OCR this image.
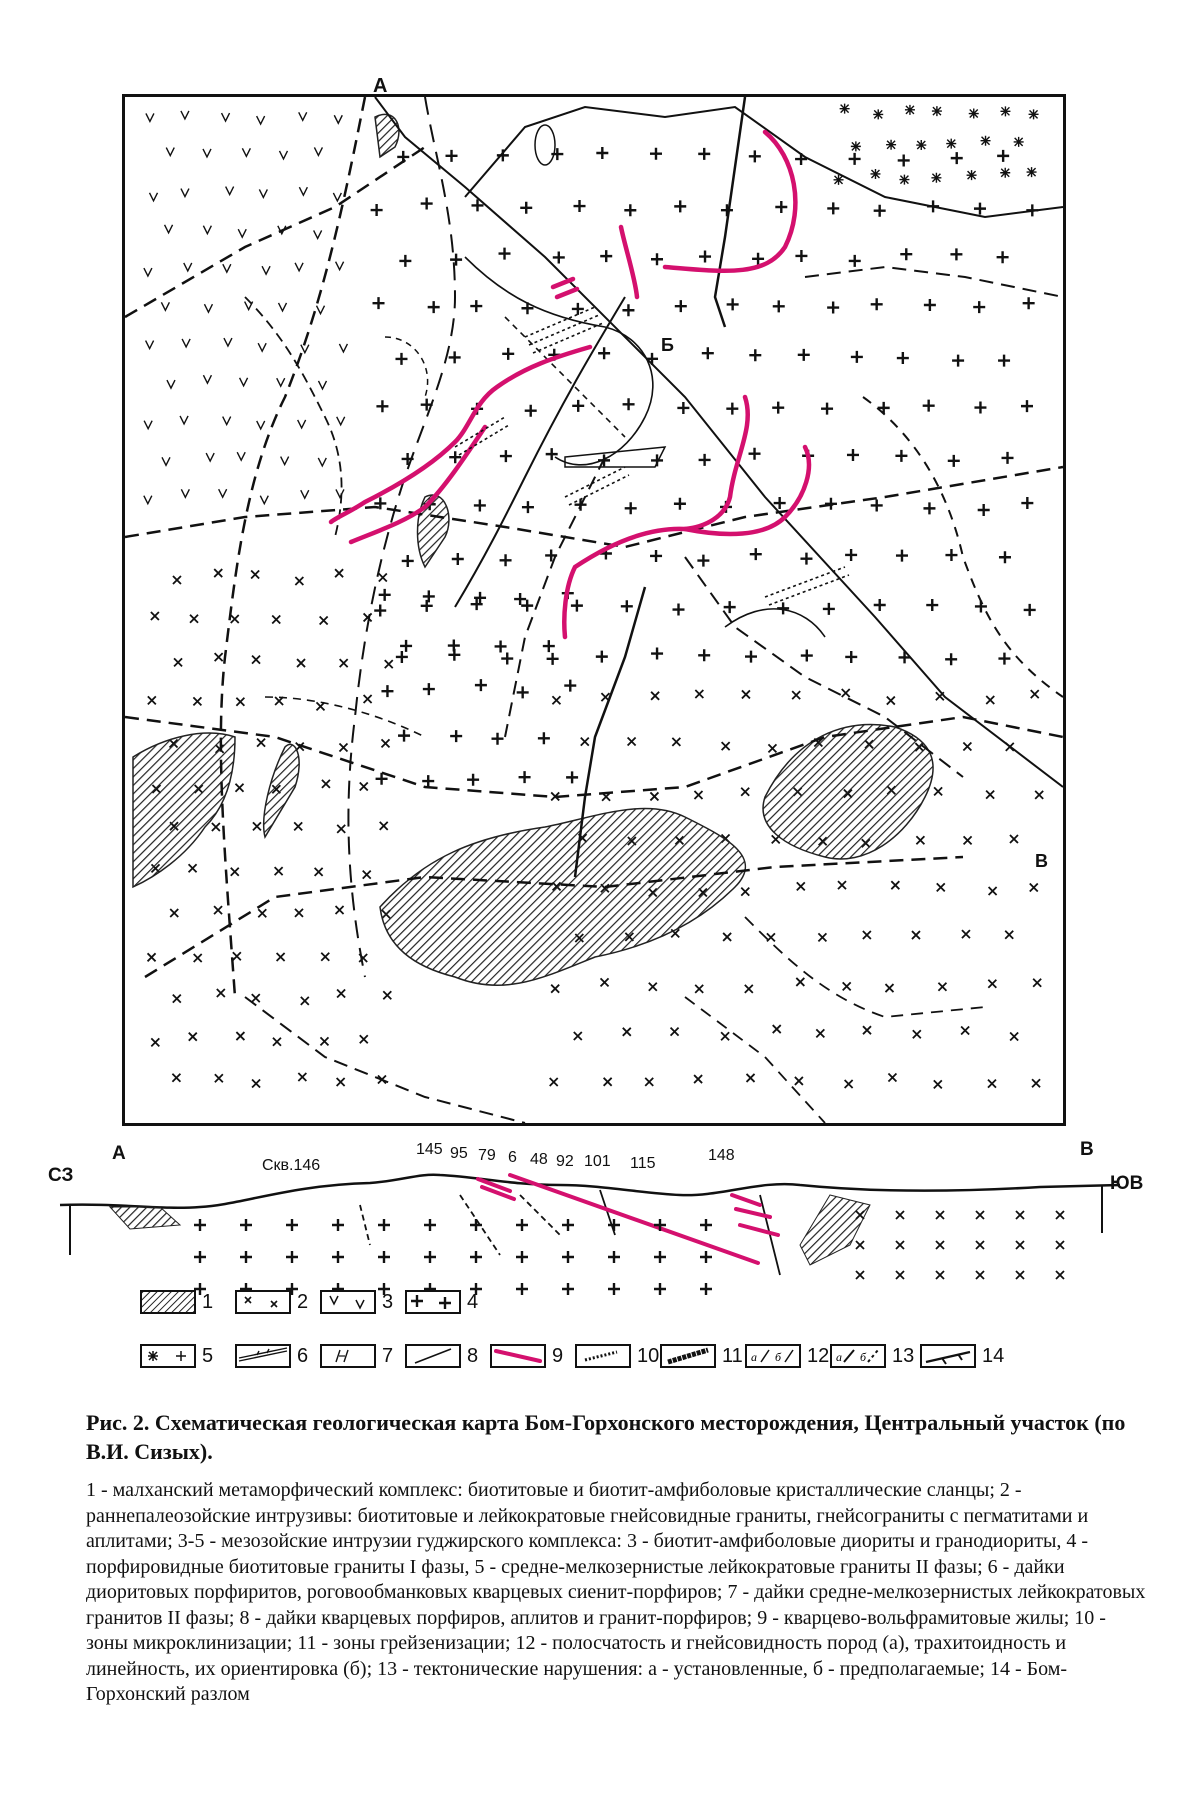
А
Б
В
А	В
СЗ	ЮВ
Скв.146
145 95 79 6 48 92 101 115	148
1	2	3	4
5	6	7	8	9	10	11 a б 12 a б 13	14

Рис. 2. Схематическая геологическая карта Бом-Горхонского месторождения, Центральный участок (по В.И. Сизых).

1 - малханский метаморфический комплекс: биотитовые и биотит-амфиболовые кристаллические сланцы; 2 - раннепалеозойские интрузивы: биотитовые и лейкократовые гнейсовидные граниты, гнейсограниты с пегматитами и аплитами; 3-5 - мезозойские интрузии гуджирского комплекса: 3 - биотит-амфиболовые диориты и гранодиориты, 4 - порфировидные биотитовые граниты I фазы, 5 - средне-мелкозернистые лейкократовые граниты II фазы; 6 - дайки диоритовых порфиритов, роговообманковых кварцевых сиенит-порфиров; 7 - дайки средне-мелкозернистых лейкократовых гранитов II фазы; 8 - дайки кварцевых порфиров, аплитов и гранит-порфиров; 9 - кварцево-вольфрамитовые жилы; 10 - зоны микроклинизации; 11 - зоны грейзенизации; 12 - полосчатость и гнейсовидность пород (а), трахитоидность и линейность, их ориентировка (б); 13 - тектонические нарушения: а - установленные, б - предполагаемые; 14 - Бом-Горхонский разлом
